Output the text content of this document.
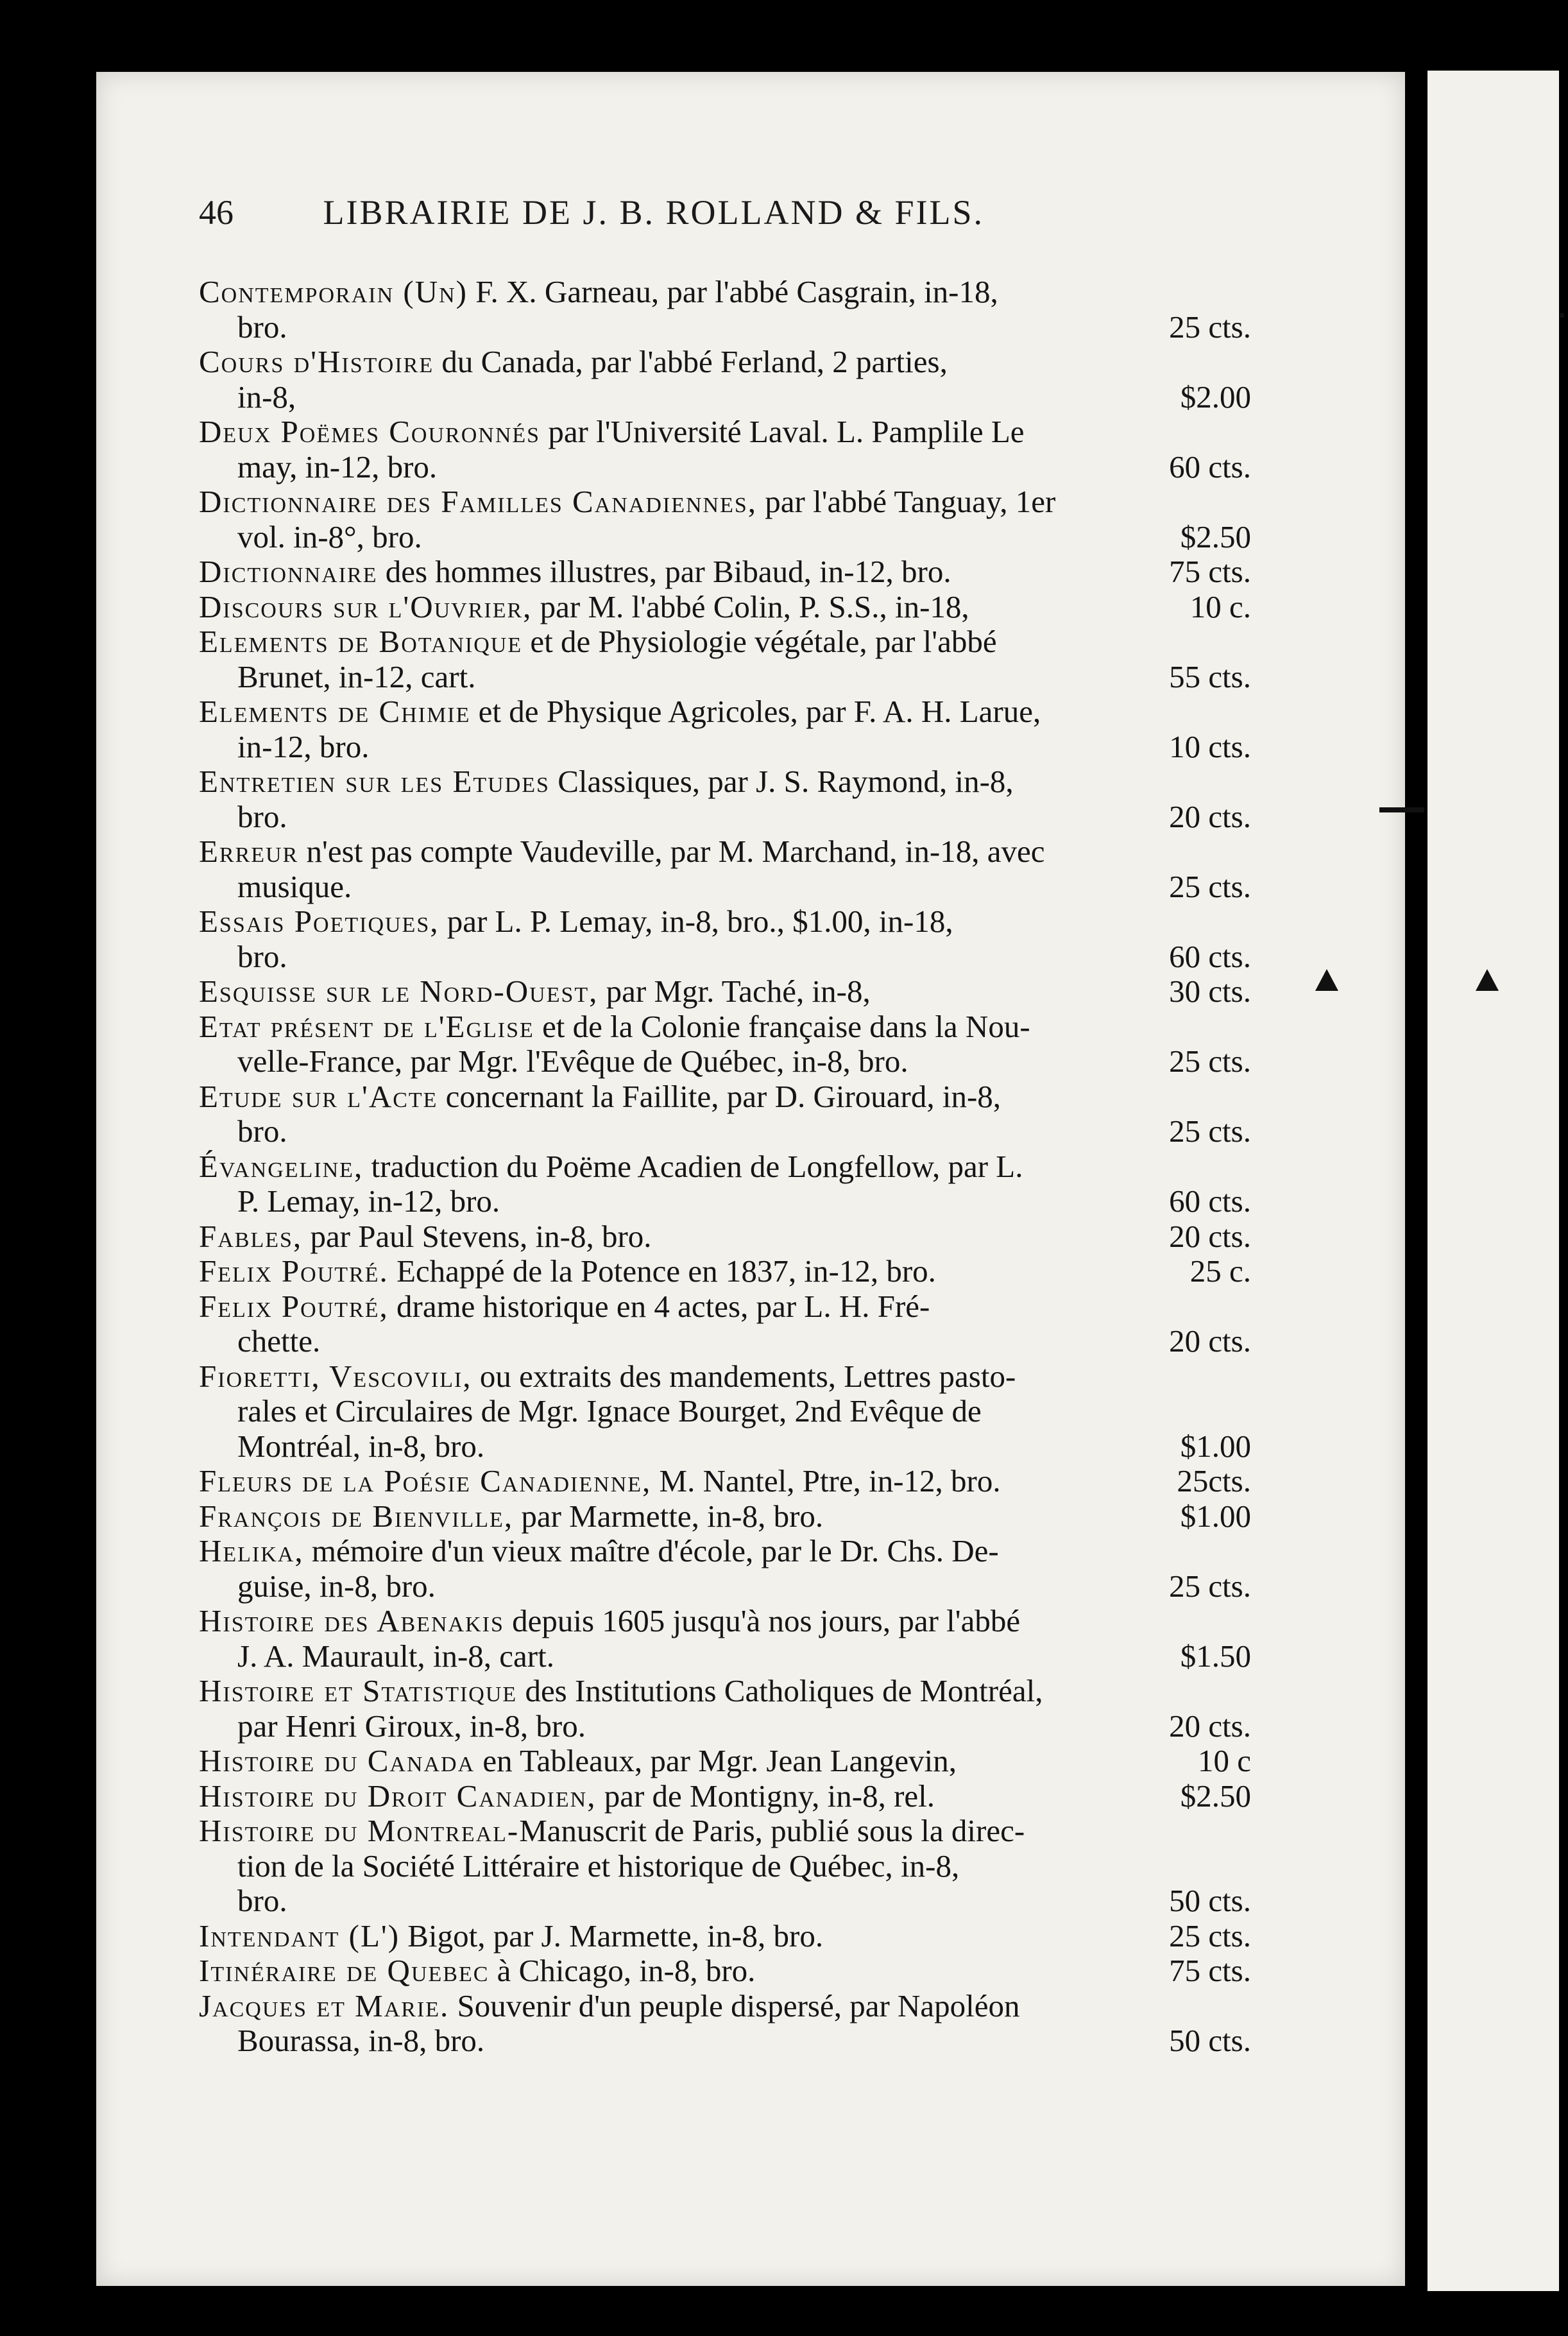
.
46	LIBRAIRIE DE J. B. ROLLAND & FILS.
Contemporain (Un) F. X. Garneau, par l'abbé Casgrain, in-18,
bro.	25 cts.
Cours d'Histoire du Canada, par l'abbé Ferland, 2 parties,
in-8,	$2.00
Deux Poëmes Couronnés par l'Université Laval. L. Pamplile Le
may, in-12, bro.	60 cts.
Dictionnaire des Familles Canadiennes, par l'abbé Tanguay, 1er
vol. in-8°, bro.	$2.50
Dictionnaire des hommes illustres, par Bibaud, in-12, bro.	75 cts.
Discours sur l'Ouvrier, par M. l'abbé Colin, P. S.S., in-18,	10 c.
Elements de Botanique et de Physiologie végétale, par l'abbé
Brunet, in-12, cart.	55 cts.
Elements de Chimie et de Physique Agricoles, par F. A. H. Larue,
in-12, bro.	10 cts.
Entretien sur les Etudes Classiques, par J. S. Raymond, in-8,
bro.	20 cts.
Erreur n'est pas compte Vaudeville, par M. Marchand, in-18, avec
musique.	25 cts.
Essais Poetiques, par L. P. Lemay, in-8, bro., $1.00, in-18,
bro.	60 cts.
Esquisse sur le Nord-Ouest, par Mgr. Taché, in-8,	30 cts.
Etat présent de l'Eglise et de la Colonie française dans la Nou-
velle-France, par Mgr. l'Evêque de Québec, in-8, bro.	25 cts.
Etude sur l'Acte concernant la Faillite, par D. Girouard, in-8,
bro.	25 cts.
Évangeline, traduction du Poëme Acadien de Longfellow, par L.
P. Lemay, in-12, bro.	60 cts.
Fables, par Paul Stevens, in-8, bro.	20 cts.
Felix Poutré. Echappé de la Potence en 1837, in-12, bro.	25 c.
Felix Poutré, drame historique en 4 actes, par L. H. Fré-
chette.	20 cts.
Fioretti, Vescovili, ou extraits des mandements, Lettres pasto-
rales et Circulaires de Mgr. Ignace Bourget, 2nd Evêque de
Montréal, in-8, bro.	$1.00
Fleurs de la Poésie Canadienne, M. Nantel, Ptre, in-12, bro.	25cts.
François de Bienville, par Marmette, in-8, bro.	$1.00
Helika, mémoire d'un vieux maître d'école, par le Dr. Chs. De-
guise, in-8, bro.	25 cts.
Histoire des Abenakis depuis 1605 jusqu'à nos jours, par l'abbé
J. A. Maurault, in-8, cart.	$1.50
Histoire et Statistique des Institutions Catholiques de Montréal,
par Henri Giroux, in-8, bro.	20 cts.
Histoire du Canada en Tableaux, par Mgr. Jean Langevin,	10 c
Histoire du Droit Canadien, par de Montigny, in-8, rel.	$2.50
Histoire du Montreal-Manuscrit de Paris, publié sous la direc-
tion de la Société Littéraire et historique de Québec, in-8,
bro.	50 cts.
Intendant (L') Bigot, par J. Marmette, in-8, bro.	25 cts.
Itinéraire de Quebec à Chicago, in-8, bro.	75 cts.
Jacques et Marie. Souvenir d'un peuple dispersé, par Napoléon
Bourassa, in-8, bro.	50 cts.
